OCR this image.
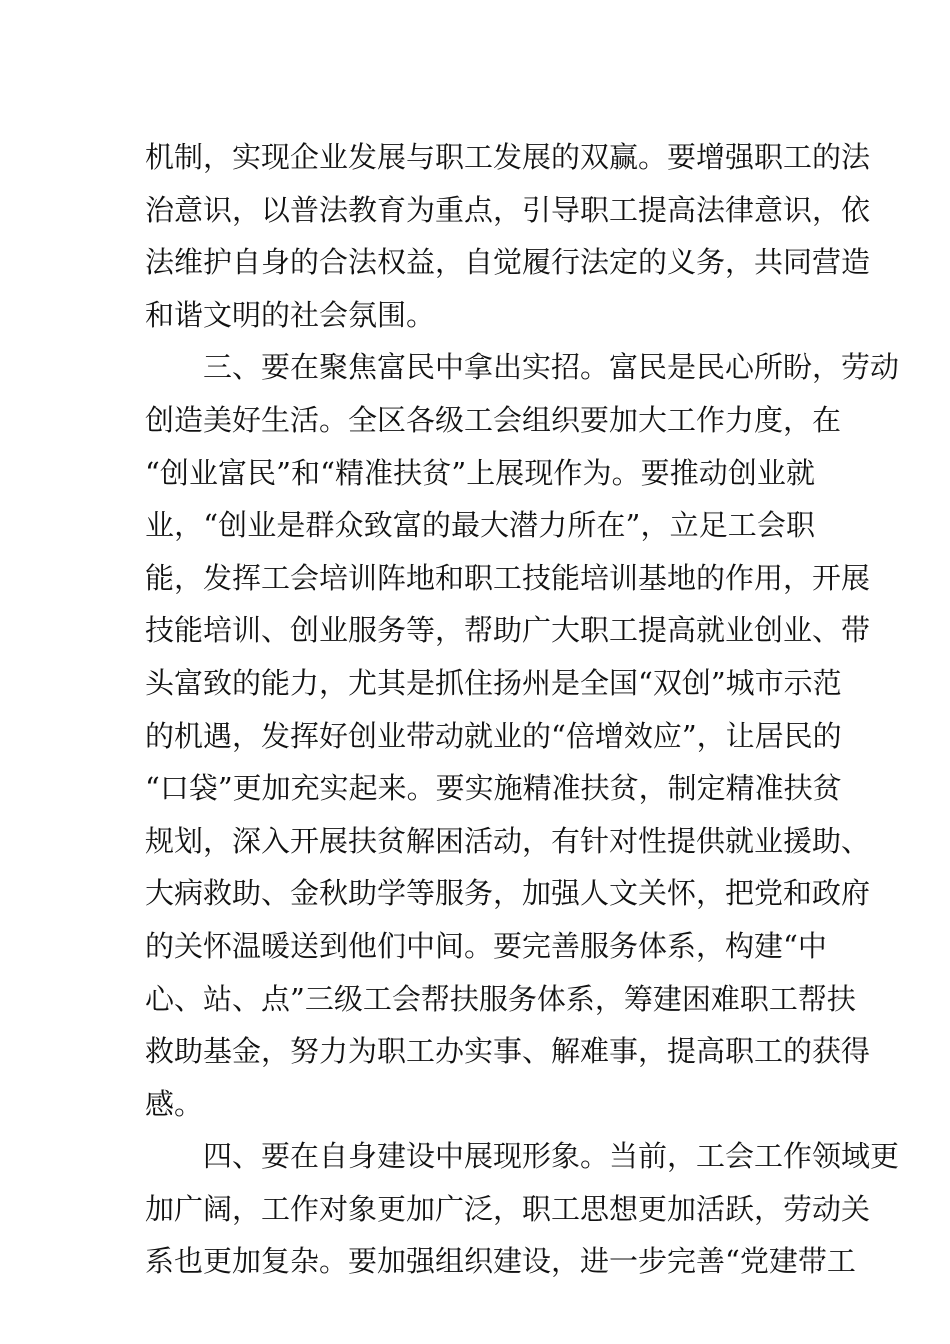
机制，实现企业发展与职工发展的双赢。要增强职工的法
治意识，以普法教育为重点，引导职工提高法律意识，依
法维护自身的合法权益，自觉履行法定的义务，共同营造
和谐文明的社会氛围。
　　三、要在聚焦富民中拿出实招。富民是民心所盼，劳动
创造美好生活。全区各级工会组织要加大工作力度，在
“创业富民”和“精准扶贫”上展现作为。要推动创业就
业，“创业是群众致富的最大潜力所在”，立足工会职
能，发挥工会培训阵地和职工技能培训基地的作用，开展
技能培训、创业服务等，帮助广大职工提高就业创业、带
头富致的能力，尤其是抓住扬州是全国“双创”城市示范
的机遇，发挥好创业带动就业的“倍增效应”，让居民的
“口袋”更加充实起来。要实施精准扶贫，制定精准扶贫
规划，深入开展扶贫解困活动，有针对性提供就业援助、
大病救助、金秋助学等服务，加强人文关怀，把党和政府
的关怀温暖送到他们中间。要完善服务体系，构建“中
心、站、点”三级工会帮扶服务体系，筹建困难职工帮扶
救助基金，努力为职工办实事、解难事，提高职工的获得
感。
　　四、要在自身建设中展现形象。当前，工会工作领域更
加广阔，工作对象更加广泛，职工思想更加活跃，劳动关
系也更加复杂。要加强组织建设，进一步完善“党建带工
